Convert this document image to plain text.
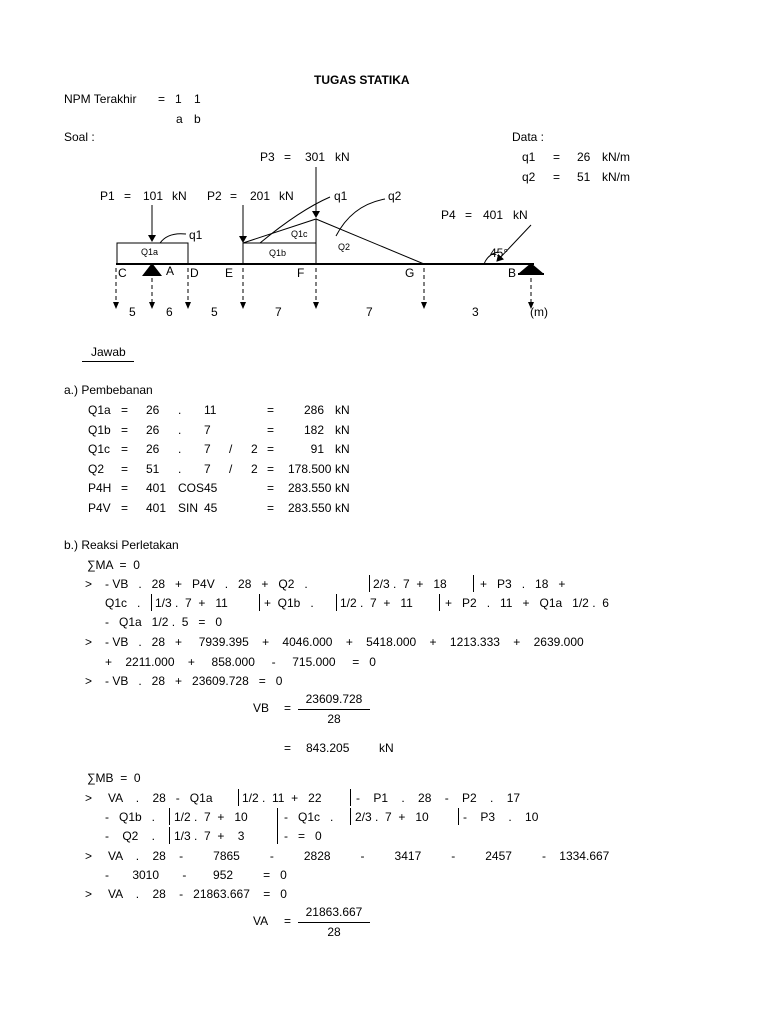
TUGAS STATIKA
NPM Terakhir = 1 1
a b
Soal :	Data :
q1 = 26 kN/m
q2 = 51 kN/m
P3 = 301 kN
P1 = 101 kN P2 = 201 kN
P4 = 401 kN
q1
q1	q2
Q1a	Q1b
Q1c
Q2	45°
C	A D E	F	G	B
5	6	5	7	7	3	(m)
Jawab
a.) Pembebanan
Q1a = 26 . 11	=	286 kN
Q1b = 26 . 7	=	182 kN
Q1c = 26 . 7 / 2 =	91 kN
Q2 = 51 . 7 / 2 = 178.500 kN
P4H = 401 COS 45	= 283.550 kN
P4V = 401 SIN 45	= 283.550 kN
b.) Reaksi Perletakan
∑MA  =  0
> - VB   .   28   +   P4V   .   28   +   Q2   .	2/3 .  7  +   18	+   P3   .   18   +
Q1c   . 1/3 .  7  +   11	+  Q1b   . 1/2 .  7  +   11	+   P2   .   11   +   Q1a   1/2 .  6
-   Q1a   1/2 .  5   =   0
> - VB   .   28   +     7939.395    +    4046.000    +    5418.000    +    1213.333    +    2639.000
+    2211.000    +     858.000     -     715.000     =   0
> - VB   .   28   +   23609.728   =   0
VB =
23609.728
28
= 843.205 kN
∑MB  =  0
> VA    .    28   -   Q1a 1/2 .  11  +   22	-    P1    .    28    -    P2    .    17
-   Q1b   . 1/2 .  7  +   10	-   Q1c   . 2/3 .  7  +   10	-    P3    .    10
-    Q2    . 1/3 .  7  +    3	-   =   0
> VA    .    28    -         7865         -         2828         -         3417         -         2457         -    1334.667
-       3010       -        952         =   0
> VA    .    28    -   21863.667    =   0
VA =
21863.667
28
